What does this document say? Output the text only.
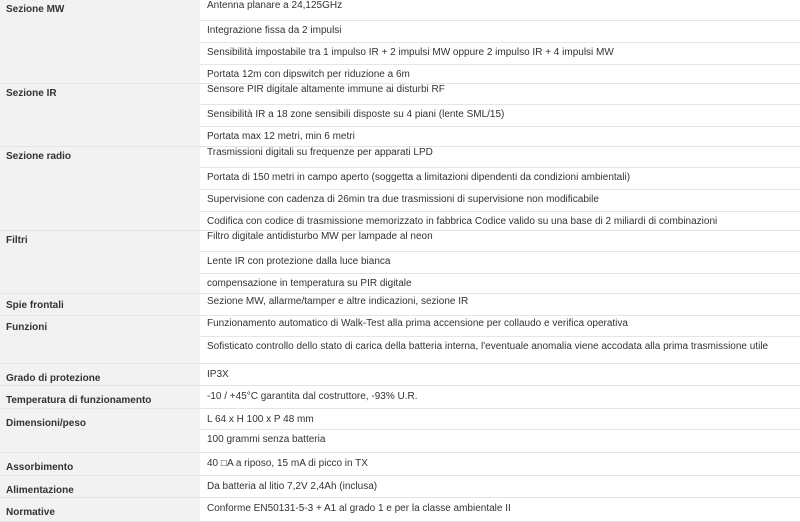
Sezione MW	Antenna planare a 24,125GHz
Integrazione fissa da 2 impulsi
Sensibilità impostabile tra 1 impulso IR + 2 impulsi MW oppure 2 impulso IR + 4 impulsi MW
Portata 12m con dipswitch per riduzione a 6m

Sezione IR	Sensore PIR digitale altamente immune ai disturbi RF
Sensibilità IR a 18 zone sensibili disposte su 4 piani (lente SML/15)
Portata max 12 metri, min 6 metri

Sezione radio	Trasmissioni digitali su frequenze per apparati LPD
Portata di 150 metri in campo aperto (soggetta a limitazioni dipendenti da condizioni ambientali)
Supervisione con cadenza di 26min tra due trasmissioni di supervisione non modificabile
Codifica con codice di trasmissione memorizzato in fabbrica Codice valido su una base di 2 miliardi di combinazioni

Filtri	Filtro digitale antidisturbo MW per lampade al neon
Lente IR con protezione dalla luce bianca
compensazione in temperatura su PIR digitale

Spie frontali	Sezione MW, allarme/tamper e altre indicazioni, sezione IR

Funzioni	Funzionamento automatico di Walk-Test alla prima accensione per collaudo e verifica operativa
Sofisticato controllo dello stato di carica della batteria interna, l'eventuale anomalia viene accodata alla prima trasmissione utile

Grado di protezione	IP3X

Temperatura di funzionamento	-10 / +45°C garantita dal costruttore, -93% U.R.

Dimensioni/peso	L 64 x H 100 x P 48 mm
100 grammi senza batteria

Assorbimento	40 □A a riposo, 15 mA di picco in TX

Alimentazione	Da batteria al litio 7,2V 2,4Ah (inclusa)

Normative	Conforme EN50131-5-3 + A1 al grado 1 e per la classe ambientale II
